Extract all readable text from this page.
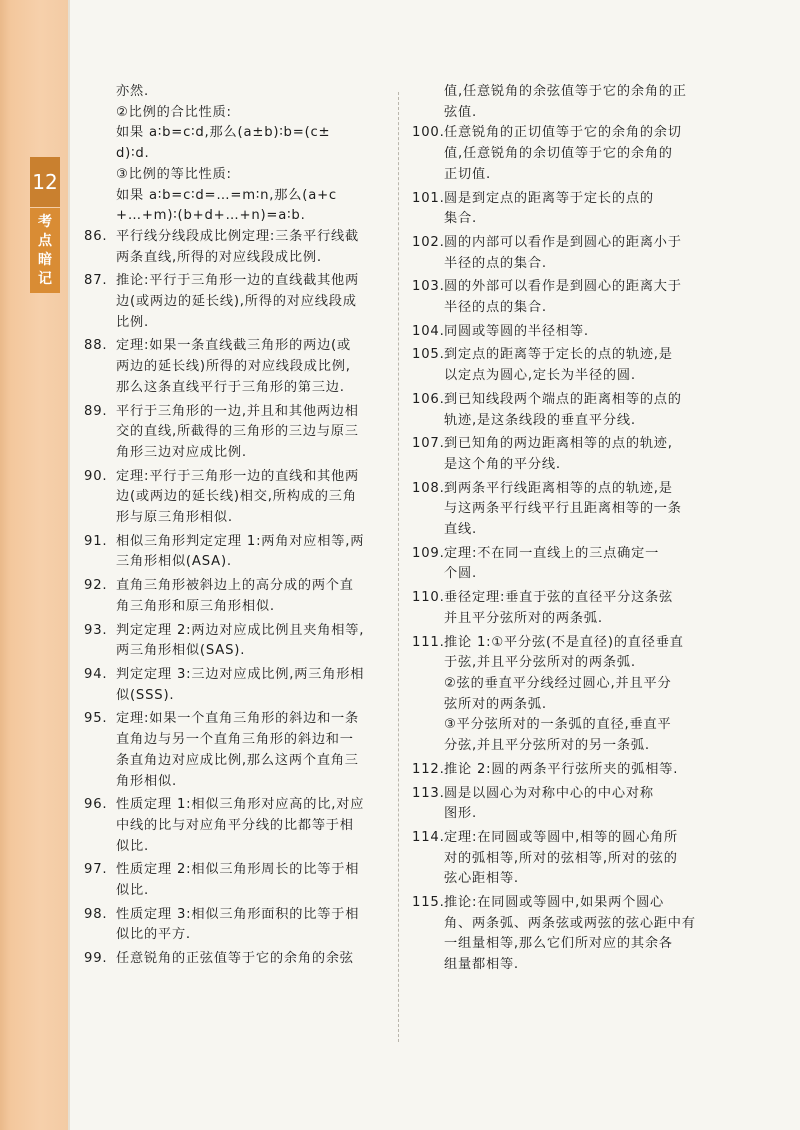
12
考
点
暗
记
亦然.
②比例的合比性质:
如果 a∶b=c∶d,那么(a±b)∶b=(c±
d)∶d.
③比例的等比性质:
如果 a∶b=c∶d=…=m∶n,那么(a+c
+…+m)∶(b+d+…+n)=a∶b.
86. 平行线分线段成比例定理:三条平行线截
两条直线,所得的对应线段成比例.
87. 推论:平行于三角形一边的直线截其他两
边(或两边的延长线),所得的对应线段成
比例.
88. 定理:如果一条直线截三角形的两边(或
两边的延长线)所得的对应线段成比例,
那么这条直线平行于三角形的第三边.
89. 平行于三角形的一边,并且和其他两边相
交的直线,所截得的三角形的三边与原三
角形三边对应成比例.
90. 定理:平行于三角形一边的直线和其他两
边(或两边的延长线)相交,所构成的三角
形与原三角形相似.
91. 相似三角形判定定理 1:两角对应相等,两
三角形相似(ASA).
92. 直角三角形被斜边上的高分成的两个直
角三角形和原三角形相似.
93. 判定定理 2:两边对应成比例且夹角相等,
两三角形相似(SAS).
94. 判定定理 3:三边对应成比例,两三角形相
似(SSS).
95. 定理:如果一个直角三角形的斜边和一条
直角边与另一个直角三角形的斜边和一
条直角边对应成比例,那么这两个直角三
角形相似.
96. 性质定理 1:相似三角形对应高的比,对应
中线的比与对应角平分线的比都等于相
似比.
97. 性质定理 2:相似三角形周长的比等于相
似比.
98. 性质定理 3:相似三角形面积的比等于相
似比的平方.
99. 任意锐角的正弦值等于它的余角的余弦
值,任意锐角的余弦值等于它的余角的正
弦值.
100. 任意锐角的正切值等于它的余角的余切
值,任意锐角的余切值等于它的余角的
正切值.
101. 圆是到定点的距离等于定长的点的
集合.
102. 圆的内部可以看作是到圆心的距离小于
半径的点的集合.
103. 圆的外部可以看作是到圆心的距离大于
半径的点的集合.
104. 同圆或等圆的半径相等.
105. 到定点的距离等于定长的点的轨迹,是
以定点为圆心,定长为半径的圆.
106. 到已知线段两个端点的距离相等的点的
轨迹,是这条线段的垂直平分线.
107. 到已知角的两边距离相等的点的轨迹,
是这个角的平分线.
108. 到两条平行线距离相等的点的轨迹,是
与这两条平行线平行且距离相等的一条
直线.
109. 定理:不在同一直线上的三点确定一
个圆.
110. 垂径定理:垂直于弦的直径平分这条弦
并且平分弦所对的两条弧.
111. 推论 1:①平分弦(不是直径)的直径垂直
于弦,并且平分弦所对的两条弧.
②弦的垂直平分线经过圆心,并且平分
弦所对的两条弧.
③平分弦所对的一条弧的直径,垂直平
分弦,并且平分弦所对的另一条弧.
112. 推论 2:圆的两条平行弦所夹的弧相等.
113. 圆是以圆心为对称中心的中心对称
图形.
114. 定理:在同圆或等圆中,相等的圆心角所
对的弧相等,所对的弦相等,所对的弦的
弦心距相等.
115. 推论:在同圆或等圆中,如果两个圆心
角、两条弧、两条弦或两弦的弦心距中有
一组量相等,那么它们所对应的其余各
组量都相等.
